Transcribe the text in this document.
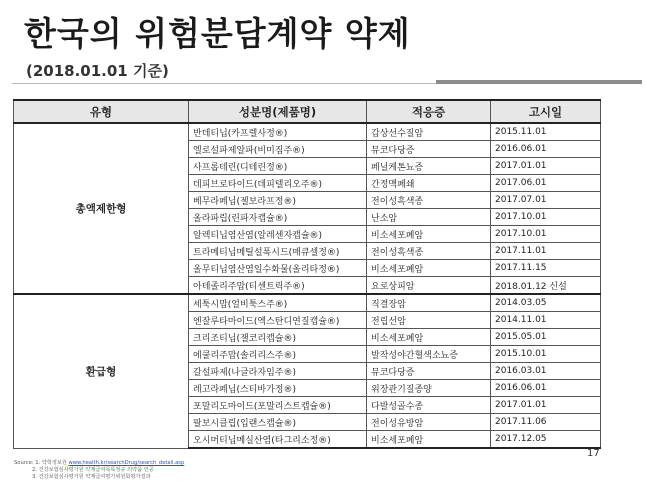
한국의 위험분담계약 약제
(2018.01.01 기준)
유형	성분명(제품명)	적응증	고시일
총액제한형	반데티닙(카프렐사정®)	갑상선수질암	2015.11.01
	엘로설파제알파(비미짐주®)	뮤코다당증	2016.06.01
	사프롭테린(디테린정®)	페닐케톤뇨증	2017.01.01
	데피브로타이드(데피텔리오주®)	간정맥폐쇄	2017.06.01
	베무라페닙(젤보라프정®)	전이성흑색종	2017.07.01
	올라파립(린파자캡슐®)	난소암	2017.10.01
	알렉티닙염산염(알레센자캡슐®)	비소세포폐암	2017.10.01
	트라메티닙메틸설폭시드(매큐셀정®)	전이성흑색종	2017.11.01
	올무티닙염산염일수화물(올리타정®)	비소세포폐암	2017.11.15
	아테졸리주맙(티센트릭주®)	요로상피암	2018.01.12 신설
환급형	세툭시맙(얼비툭스주®)	직결장암	2014.03.05
	엔잘루타마이드(엑스탄디연질캡슐®)	전립선암	2014.11.01
	크리조티닙(잴코리캡슐®)	비소세포폐암	2015.05.01
	에쿨리주맙(솔리리스주®)	발작성야간혈색소뇨증	2015.10.01
	갈설파제(나글라자임주®)	뮤코다당증	2016.03.01
	레고라페닙(스티바가정®)	위장관기질종양	2016.06.01
	포말리도마이드(포말리스트캡슐®)	다발성골수종	2017.01.01
	팔보시클립(입랜스캡슐®)	전이성유방암	2017.11.06
	오시머티닙메실산염(타그리소정®)	비소세포폐암	2017.12.05
Source: 1. 약학정보원 www.health.kr/searchDrug/search_detail.asp
2. 건강보험심사평가원 약제급여목록정규 의약품 인공
3. 건강보험심사평가원 약제급여평가위원회평가결과
17
